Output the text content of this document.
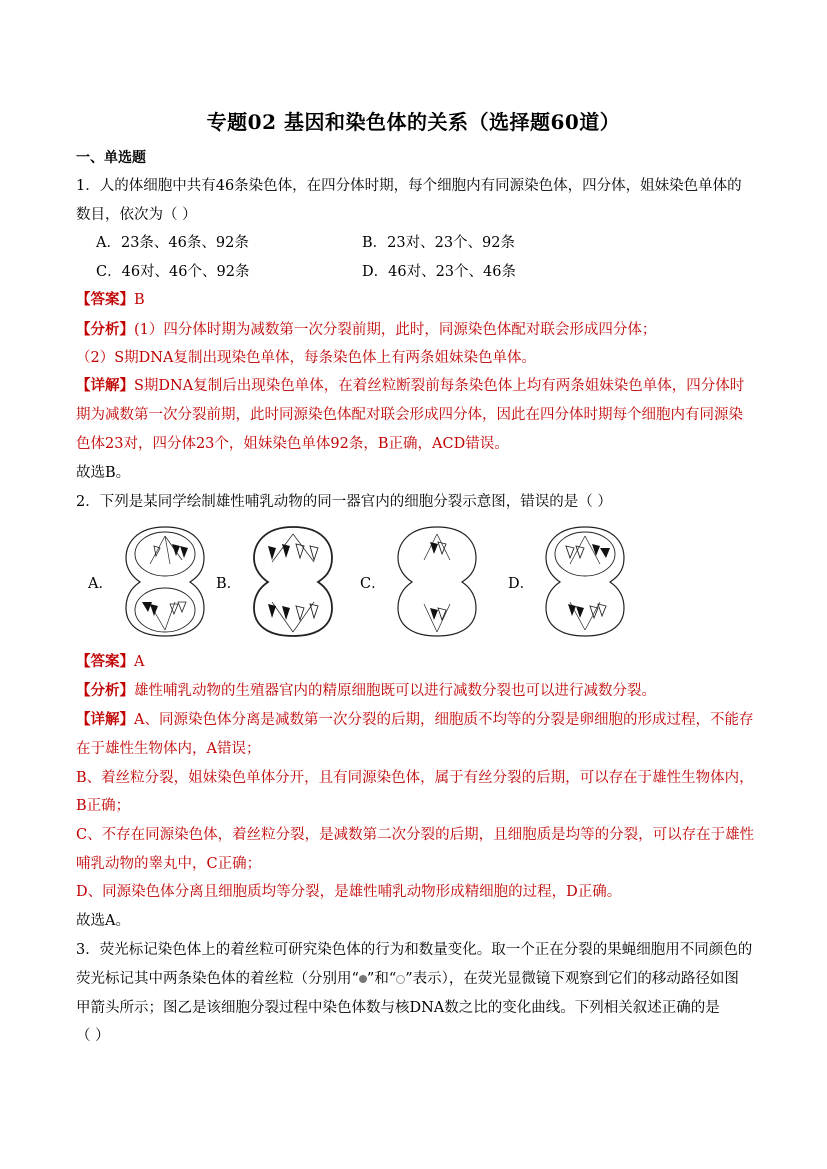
专题02 基因和染色体的关系（选择题60道）
一、单选题
1．人的体细胞中共有46条染色体，在四分体时期，每个细胞内有同源染色体，四分体，姐妹染色单体的
数目，依次为（ ）
A．23条、46条、92条	B．23对、23个、92条
C．46对、46个、92条	D．46对、23个、46条
【答案】B
【分析】(1）四分体时期为减数第一次分裂前期，此时，同源染色体配对联会形成四分体；
（2）S期DNA复制出现染色单体，每条染色体上有两条姐妹染色单体。
【详解】S期DNA复制后出现染色单体，在着丝粒断裂前每条染色体上均有两条姐妹染色单体，四分体时
期为减数第一次分裂前期，此时同源染色体配对联会形成四分体，因此在四分体时期每个细胞内有同源染
色体23对，四分体23个，姐妹染色单体92条，B正确，ACD错误。
故选B。
2．下列是某同学绘制雄性哺乳动物的同一器官内的细胞分裂示意图，错误的是（ ）
A．	B．	C．	D．
【答案】A
【分析】雄性哺乳动物的生殖器官内的精原细胞既可以进行减数分裂也可以进行减数分裂。
【详解】A、同源染色体分离是减数第一次分裂的后期，细胞质不均等的分裂是卵细胞的形成过程，不能存
在于雄性生物体内，A错误；
B、着丝粒分裂，姐妹染色单体分开，且有同源染色体，属于有丝分裂的后期，可以存在于雄性生物体内，
B正确；
C、不存在同源染色体，着丝粒分裂，是减数第二次分裂的后期，且细胞质是均等的分裂，可以存在于雄性
哺乳动物的睾丸中，C正确；
D、同源染色体分离且细胞质均等分裂，是雄性哺乳动物形成精细胞的过程，D正确。
故选A。
3．荧光标记染色体上的着丝粒可研究染色体的行为和数量变化。取一个正在分裂的果蝇细胞用不同颜色的
荧光标记其中两条染色体的着丝粒（分别用“ ”和“ ”表示），在荧光显微镜下观察到它们的移动路径如图
甲箭头所示；图乙是该细胞分裂过程中染色体数与核DNA数之比的变化曲线。下列相关叙述正确的是
（ ）
